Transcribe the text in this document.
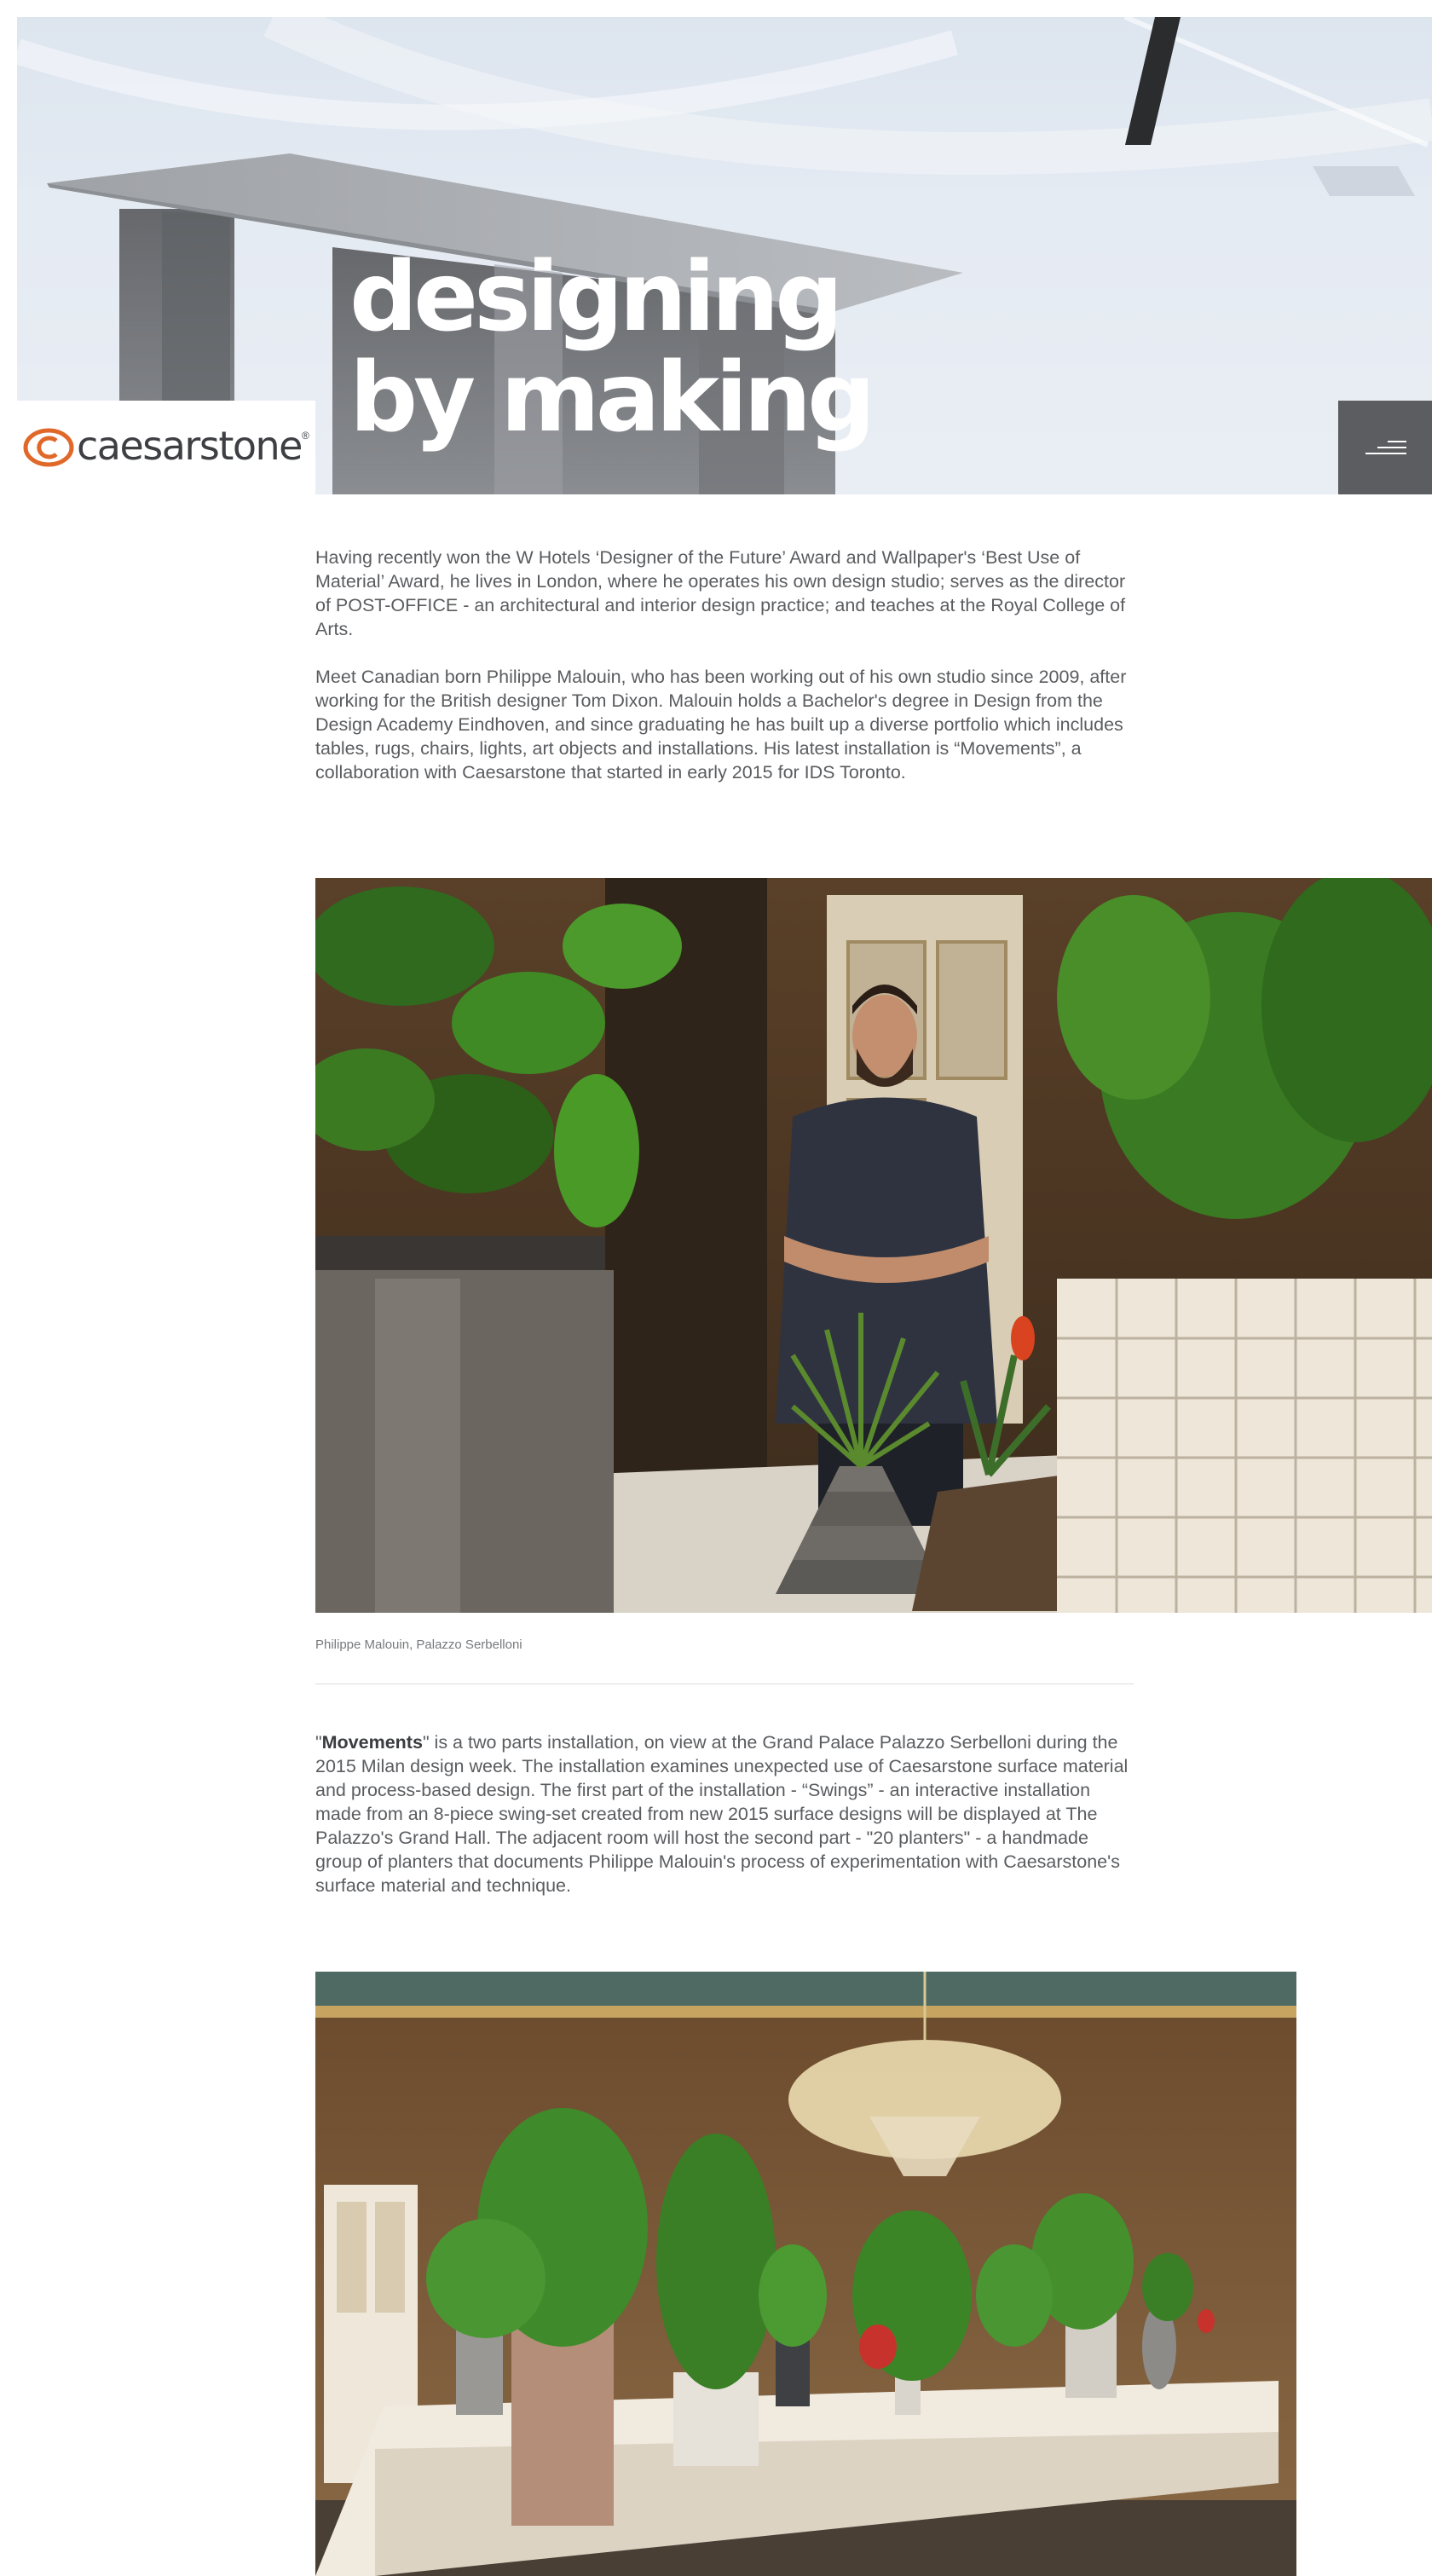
designing
by making
caesarstone ®

Having recently won the W Hotels ‘Designer of the Future’ Award and Wallpaper's ‘Best Use of Material’ Award, he lives in London, where he operates his own design studio; serves as the director of POST-OFFICE - an architectural and interior design practice; and teaches at the Royal College of Arts.

Meet Canadian born Philippe Malouin, who has been working out of his own studio since 2009, after working for the British designer Tom Dixon. Malouin holds a Bachelor's degree in Design from the Design Academy Eindhoven, and since graduating he has built up a diverse portfolio which includes tables, rugs, chairs, lights, art objects and installations. His latest installation is “Movements”, a collaboration with Caesarstone that started in early 2015 for IDS Toronto.

Philippe Malouin, Palazzo Serbelloni

"Movements" is a two parts installation, on view at the Grand Palace Palazzo Serbelloni during the 2015 Milan design week. The installation examines unexpected use of Caesarstone surface material and process-based design. The first part of the installation - “Swings” - an interactive installation made from an 8-piece swing-set created from new 2015 surface designs will be displayed at The Palazzo's Grand Hall. The adjacent room will host the second part - "20 planters" - a handmade group of planters that documents Philippe Malouin's process of experimentation with Caesarstone's surface material and technique.
